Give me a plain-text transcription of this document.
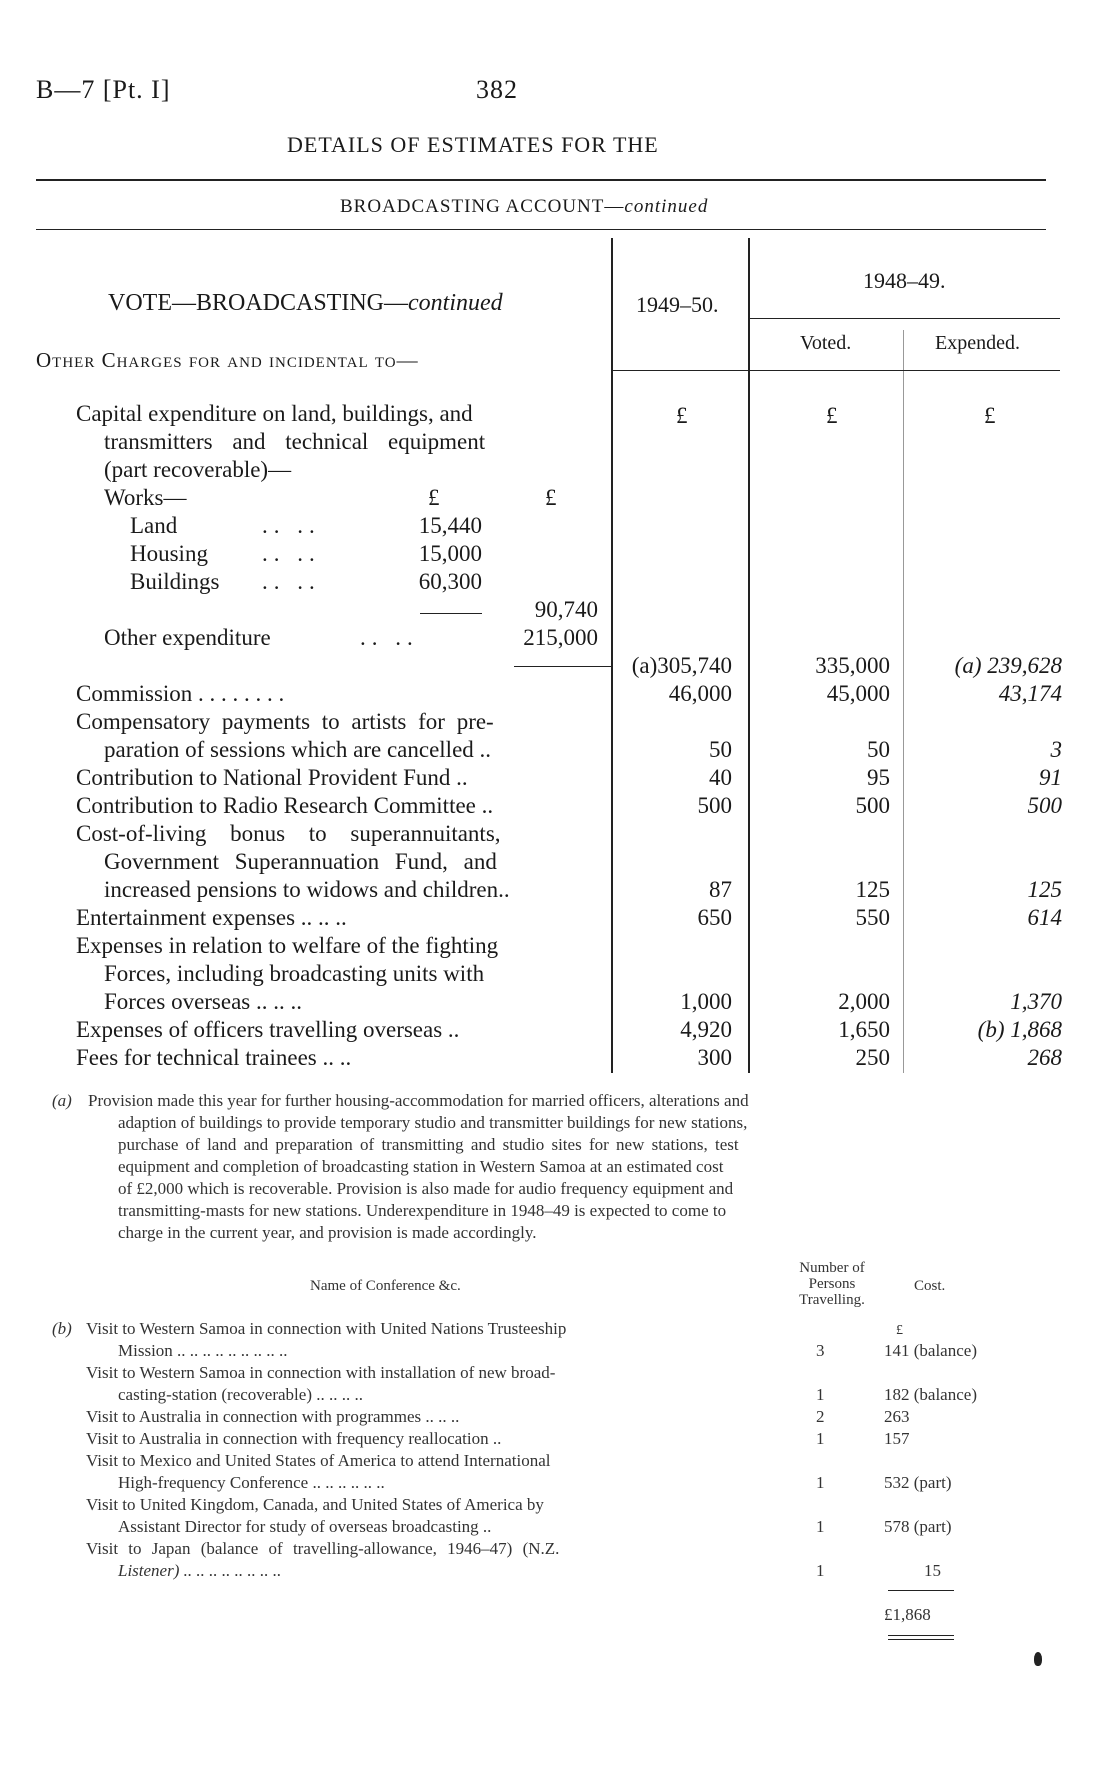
B—7 [Pt. I]	382
DETAILS OF ESTIMATES FOR THE
BROADCASTING ACCOUNT—continued
VOTE—BROADCASTING—continued
Other Charges for and incidental to—
1949–50.
1948–49.
Voted.	Expended.
£	£	£
Capital expenditure on land, buildings, and
transmitters and technical equipment
(part recoverable)—
Works—	£	£
Land	.. ..	15,440
Housing .. ..	15,000
Buildings .. ..	60,300
90,740
Other expenditure	.. ..	215,000
(a)305,740	335,000	(a) 239,628
Commission . . . . . . . .	46,000	45,000	43,174
Compensatory payments to artists for pre-
paration of sessions which are cancelled ..	50	50	3
Contribution to National Provident Fund ..	40	95	91
Contribution to Radio Research Committee ..	500	500	500
Cost-of-living bonus to superannuitants,
Government Superannuation Fund, and
increased pensions to widows and children..	87	125	125
Entertainment expenses .. .. ..	650	550	614
Expenses in relation to welfare of the fighting
Forces, including broadcasting units with
Forces overseas .. .. ..	1,000	2,000	1,370
Expenses of officers travelling overseas ..	4,920	1,650	(b) 1,868
Fees for technical trainees .. ..	300	250	268
(a) Provision made this year for further housing-accommodation for married officers, alterations and
adaption of buildings to provide temporary studio and transmitter buildings for new stations,
purchase of land and preparation of transmitting and studio sites for new stations, test
equipment and completion of broadcasting station in Western Samoa at an estimated cost
of £2,000 which is recoverable. Provision is also made for audio frequency equipment and
transmitting-masts for new stations. Underexpenditure in 1948–49 is expected to come to
charge in the current year, and provision is made accordingly.
Name of Conference &c.
Number of
Persons
Travelling.
Cost.
£
(b) Visit to Western Samoa in connection with United Nations Trusteeship
Mission .. .. .. .. .. .. .. .. ..	3	141 (balance)
Visit to Western Samoa in connection with installation of new broad-
casting-station (recoverable) .. .. .. ..	1	182 (balance)
Visit to Australia in connection with programmes .. .. ..	2	263
Visit to Australia in connection with frequency reallocation ..	1	157
Visit to Mexico and United States of America to attend International
High-frequency Conference .. .. .. .. .. ..	1	532 (part)
Visit to United Kingdom, Canada, and United States of America by
Assistant Director for study of overseas broadcasting ..	1	578 (part)
Visit to Japan (balance of travelling-allowance, 1946–47) (N.Z.
Listener) .. .. .. .. .. .. .. ..	1	15
£1,868
